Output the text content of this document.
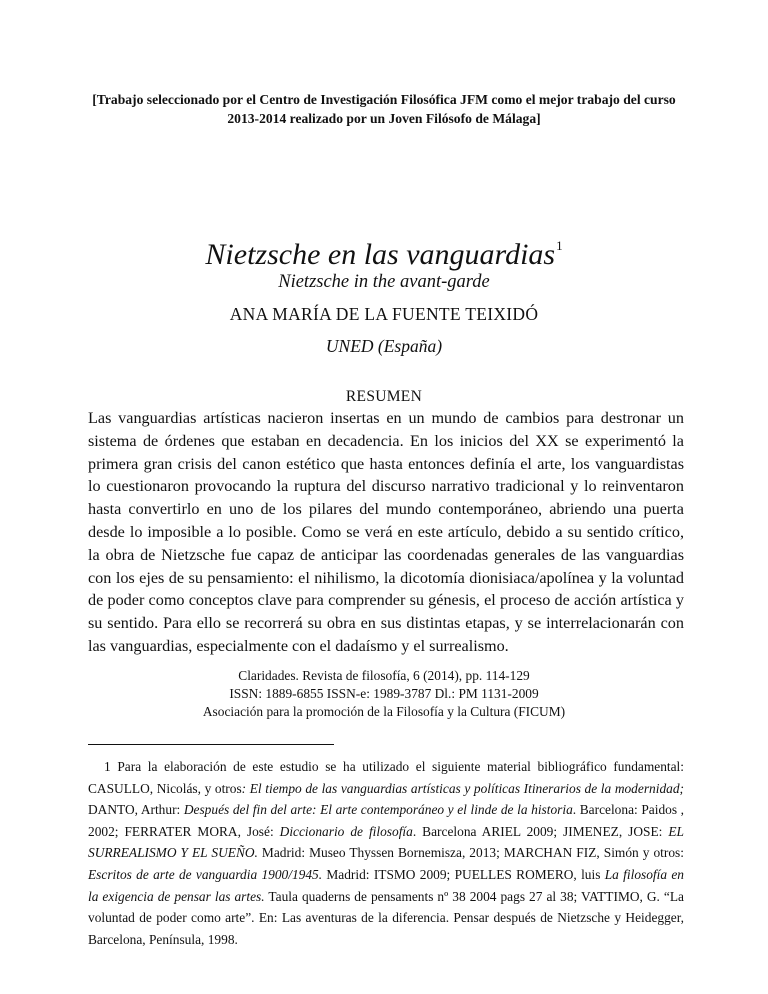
[Trabajo seleccionado por el Centro de Investigación Filosófica JFM como el mejor trabajo del curso 2013-2014 realizado por un Joven Filósofo de Málaga]
Nietzsche en las vanguardias$^1$
Nietzsche in the avant-garde
ANA MARÍA DE LA FUENTE TEIXIDÓ
UNED (España)
RESUMEN
Las vanguardias artísticas nacieron insertas en un mundo de cambios para destronar un sistema de órdenes que estaban en decadencia. En los inicios del XX se experimentó la primera gran crisis del canon estético que hasta entonces definía el arte, los vanguardistas lo cuestionaron provocando la ruptura del discurso narrativo tradicional y lo reinventaron hasta convertirlo en uno de los pilares del mundo contemporáneo, abriendo una puerta desde lo imposible a lo posible. Como se verá en este artículo, debido a su sentido crítico, la obra de Nietzsche fue capaz de anticipar las coordenadas generales de las vanguardias con los ejes de su pensamiento: el nihilismo, la dicotomía dionisiaca/apolínea y la voluntad de poder como conceptos clave para comprender su génesis, el proceso de acción artística y su sentido. Para ello se recorrerá su obra en sus distintas etapas, y se interrelacionarán con las vanguardias, especialmente con el dadaísmo y el surrealismo.
Claridades. Revista de filosofía, 6 (2014), pp. 114-129
ISSN: 1889-6855 ISSN-e: 1989-3787 Dl.: PM 1131-2009
Asociación para la promoción de la Filosofía y la Cultura (FICUM)
1 Para la elaboración de este estudio se ha utilizado el siguiente material bibliográfico fundamental: CASULLO, Nicolás, y otros: El tiempo de las vanguardias artísticas y políticas Itinerarios de la modernidad; DANTO, Arthur: Después del fin del arte: El arte contemporáneo y el linde de la historia. Barcelona: Paidos , 2002; FERRATER MORA, José: Diccionario de filosofía. Barcelona ARIEL 2009; JIMENEZ, JOSE: EL SURREALISMO Y EL SUEÑO. Madrid: Museo Thyssen Bornemisza, 2013; MARCHAN FIZ, Simón y otros: Escritos de arte de vanguardia 1900/1945. Madrid: ITSMO 2009; PUELLES ROMERO, luis La filosofía en la exigencia de pensar las artes. Taula quaderns de pensaments nº 38 2004 pags 27 al 38; VATTIMO, G. “La voluntad de poder como arte”. En: Las aventuras de la diferencia. Pensar después de Nietzsche y Heidegger, Barcelona, Península, 1998.
